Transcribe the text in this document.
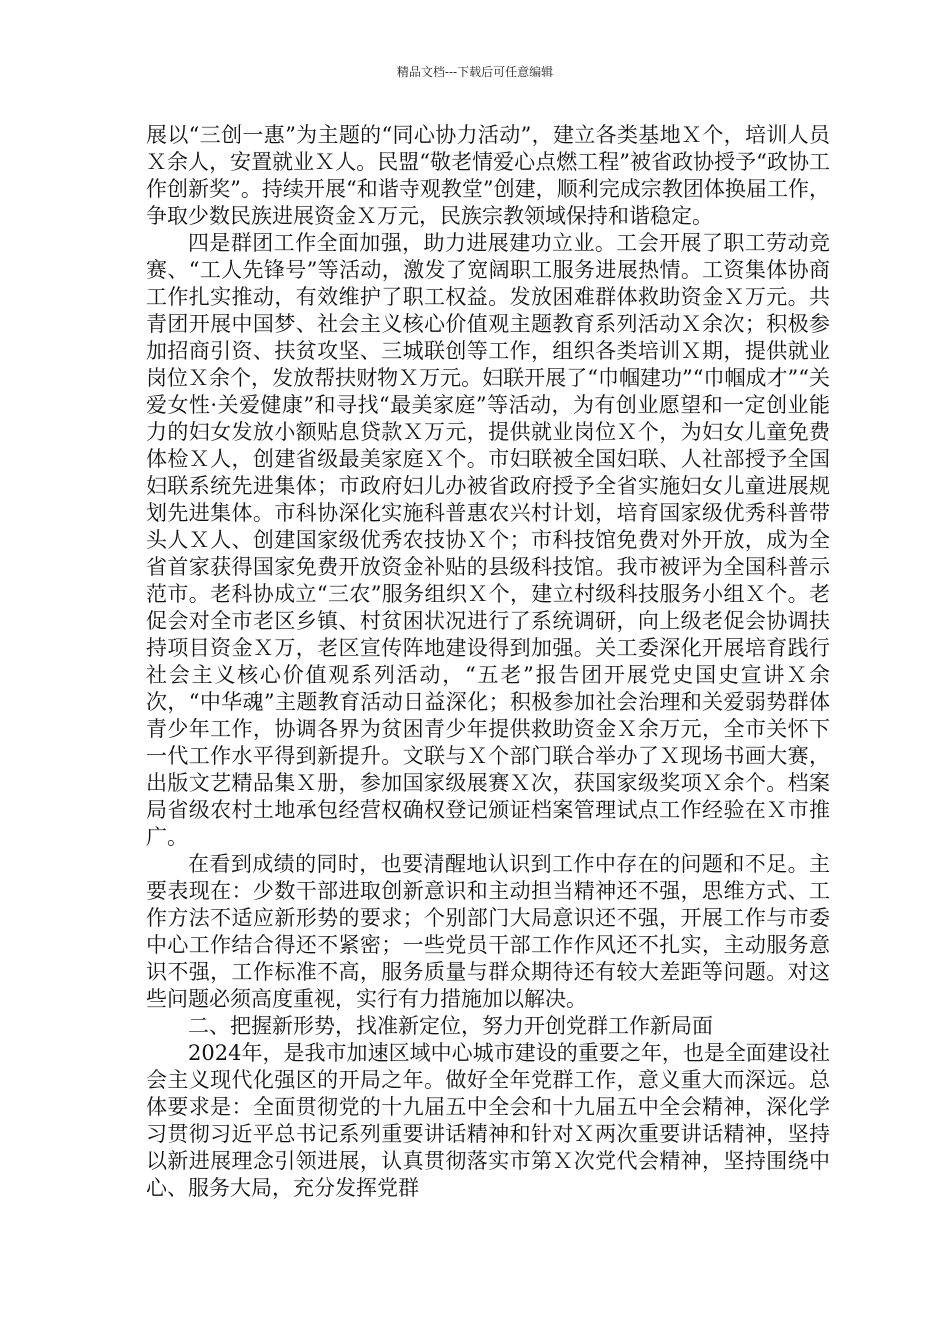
精品文档---下载后可任意编辑

展以“三创一惠”为主题的“同心协力活动”，建立各类基地Ｘ个，培训人员Ｘ余人，安置就业Ｘ人。民盟“敬老情爱心点燃工程”被省政协授予“政协工作创新奖”。持续开展“和谐寺观教堂”创建，顺利完成宗教团体换届工作，争取少数民族进展资金Ｘ万元，民族宗教领域保持和谐稳定。

四是群团工作全面加强，助力进展建功立业。工会开展了职工劳动竞赛、“工人先锋号”等活动，激发了宽阔职工服务进展热情。工资集体协商工作扎实推动，有效维护了职工权益。发放困难群体救助资金Ｘ万元。共青团开展中国梦、社会主义核心价值观主题教育系列活动Ｘ余次；积极参加招商引资、扶贫攻坚、三城联创等工作，组织各类培训Ｘ期，提供就业岗位Ｘ余个，发放帮扶财物Ｘ万元。妇联开展了“巾帼建功”“巾帼成才”“关爱女性·关爱健康”和寻找“最美家庭”等活动，为有创业愿望和一定创业能力的妇女发放小额贴息贷款Ｘ万元，提供就业岗位Ｘ个，为妇女儿童免费体检Ｘ人，创建省级最美家庭Ｘ个。市妇联被全国妇联、人社部授予全国妇联系统先进集体；市政府妇儿办被省政府授予全省实施妇女儿童进展规划先进集体。市科协深化实施科普惠农兴村计划，培育国家级优秀科普带头人Ｘ人、创建国家级优秀农技协Ｘ个；市科技馆免费对外开放，成为全省首家获得国家免费开放资金补贴的县级科技馆。我市被评为全国科普示范市。老科协成立“三农”服务组织Ｘ个，建立村级科技服务小组Ｘ个。老促会对全市老区乡镇、村贫困状况进行了系统调研，向上级老促会协调扶持项目资金Ｘ万，老区宣传阵地建设得到加强。关工委深化开展培育践行社会主义核心价值观系列活动，“五老”报告团开展党史国史宣讲Ｘ余次，“中华魂”主题教育活动日益深化；积极参加社会治理和关爱弱势群体青少年工作，协调各界为贫困青少年提供救助资金Ｘ余万元，全市关怀下一代工作水平得到新提升。文联与Ｘ个部门联合举办了Ｘ现场书画大赛，出版文艺精品集Ｘ册，参加国家级展赛Ｘ次，获国家级奖项Ｘ余个。档案局省级农村土地承包经营权确权登记颁证档案管理试点工作经验在Ｘ市推广。

在看到成绩的同时，也要清醒地认识到工作中存在的问题和不足。主要表现在：少数干部进取创新意识和主动担当精神还不强，思维方式、工作方法不适应新形势的要求；个别部门大局意识还不强，开展工作与市委中心工作结合得还不紧密；一些党员干部工作作风还不扎实，主动服务意识不强，工作标准不高，服务质量与群众期待还有较大差距等问题。对这些问题必须高度重视，实行有力措施加以解决。

二、把握新形势，找准新定位，努力开创党群工作新局面

2024年，是我市加速区域中心城市建设的重要之年，也是全面建设社会主义现代化强区的开局之年。做好全年党群工作，意义重大而深远。总体要求是：全面贯彻党的十九届五中全会和十九届五中全会精神，深化学习贯彻习近平总书记系列重要讲话精神和针对Ｘ两次重要讲话精神，坚持以新进展理念引领进展，认真贯彻落实市第Ｘ次党代会精神，坚持围绕中心、服务大局，充分发挥党群
